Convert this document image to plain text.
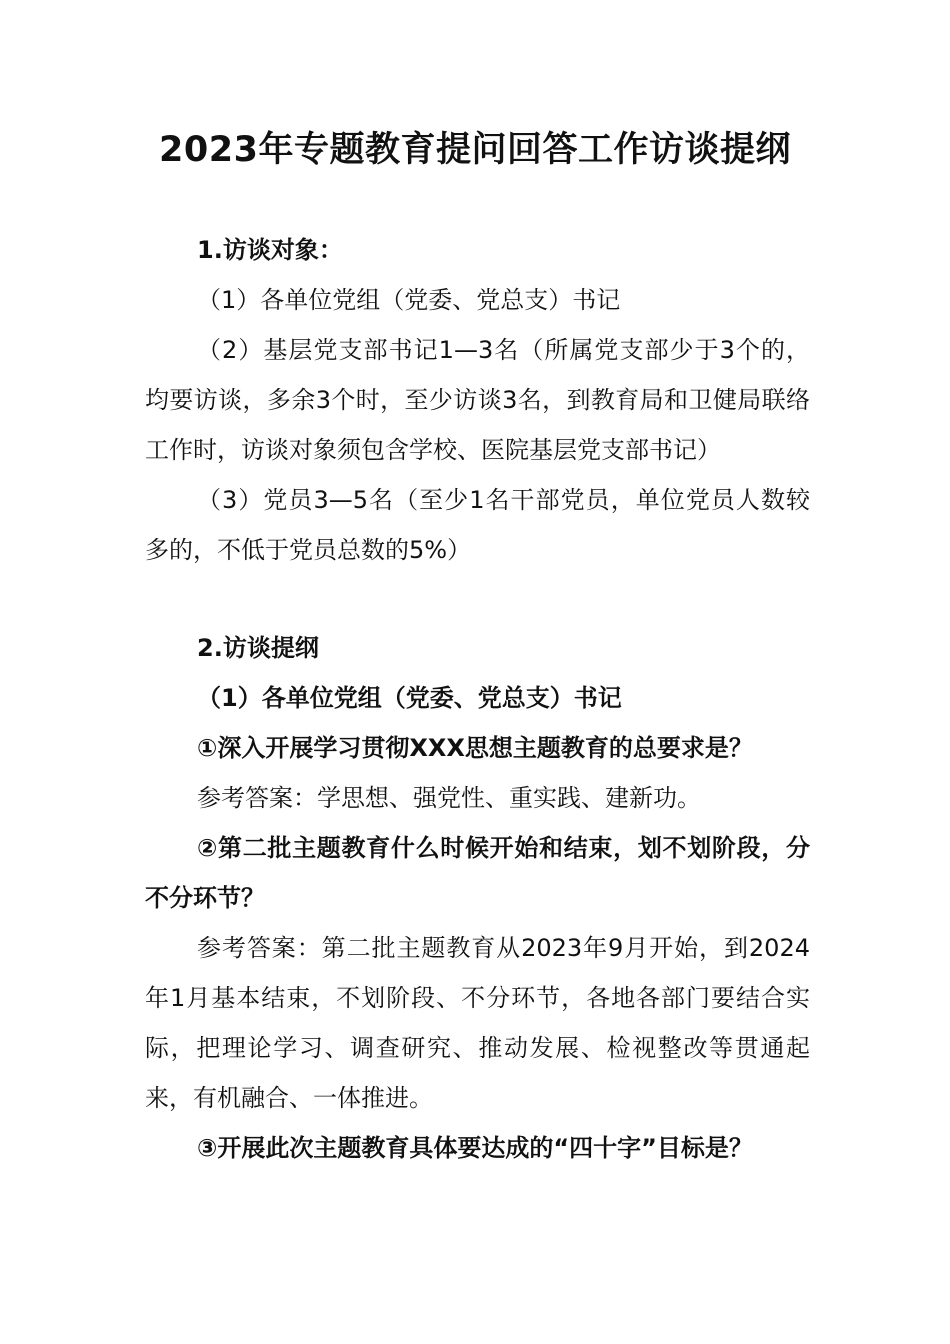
2023年专题教育提问回答工作访谈提纲

1.访谈对象：

（1）各单位党组（党委、党总支）书记

（2）基层党支部书记1—3名（所属党支部少于3个的，均要访谈，多余3个时，至少访谈3名，到教育局和卫健局联络工作时，访谈对象须包含学校、医院基层党支部书记）

（3）党员3—5名（至少1名干部党员，单位党员人数较多的，不低于党员总数的5%）

2.访谈提纲

（1）各单位党组（党委、党总支）书记

①深入开展学习贯彻XXX思想主题教育的总要求是？

参考答案：学思想、强党性、重实践、建新功。

②第二批主题教育什么时候开始和结束，划不划阶段，分不分环节？

参考答案：第二批主题教育从2023年9月开始，到2024年1月基本结束，不划阶段、不分环节，各地各部门要结合实际，把理论学习、调查研究、推动发展、检视整改等贯通起来，有机融合、一体推进。

③开展此次主题教育具体要达成的“四十字”目标是？
